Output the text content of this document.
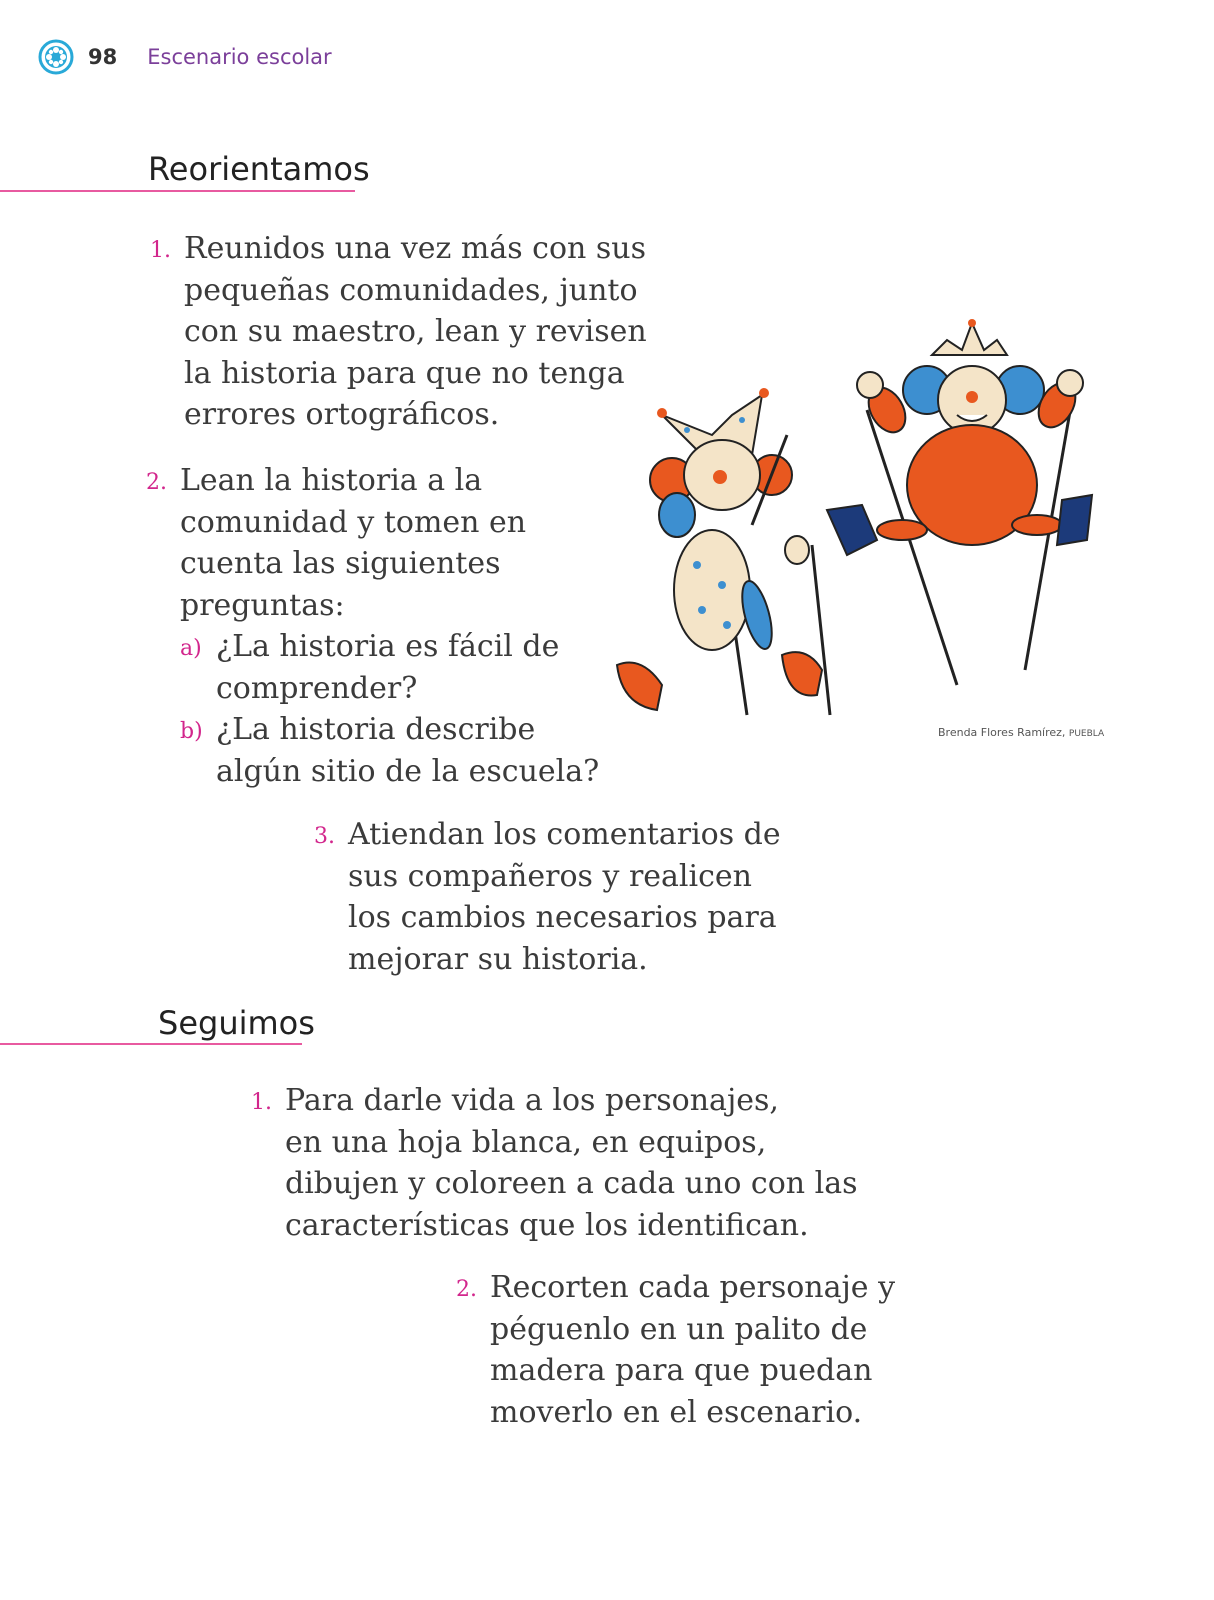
98 Escenario escolar
Reorientamos
1. Reunidos una vez más con sus
pequeñas comunidades, junto
con su maestro, lean y revisen
la historia para que no tenga
errores ortográficos.
2. Lean la historia a la
comunidad y tomen en
cuenta las siguientes
preguntas:
a) ¿La historia es fácil de
comprender?
b) ¿La historia describe
algún sitio de la escuela?
3. Atiendan los comentarios de
sus compañeros y realicen
los cambios necesarios para
mejorar su historia.
Seguimos
1. Para darle vida a los personajes,
en una hoja blanca, en equipos,
dibujen y coloreen a cada uno con las
características que los identifican.
2. Recorten cada personaje y
péguenlo en un palito de
madera para que puedan
moverlo en el escenario.
Brenda Flores Ramírez, PUEBLA
